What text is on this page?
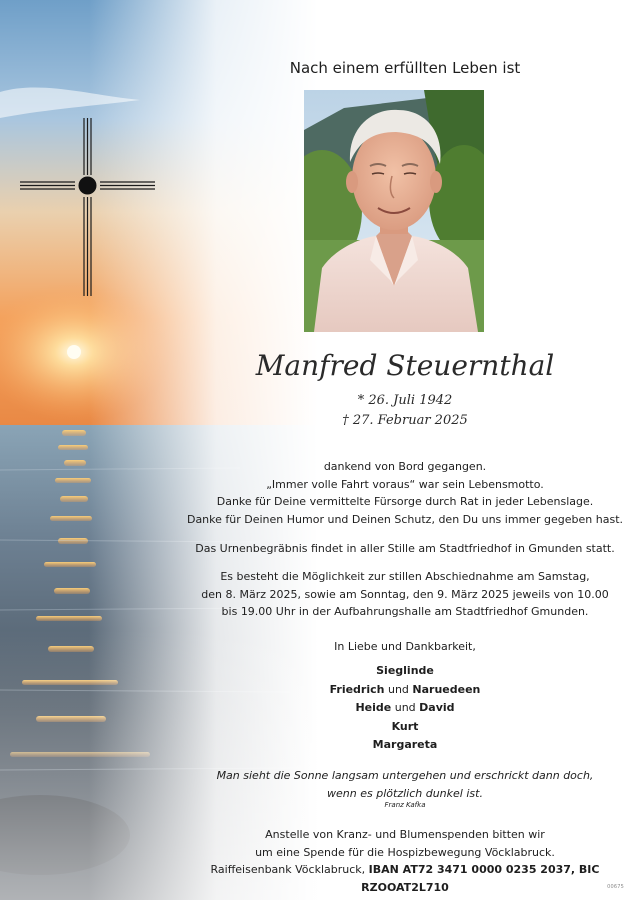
Nach einem erfüllten Leben ist

Manfred Steuernthal

* 26. Juli 1942
† 27. Februar 2025

dankend von Bord gegangen.

„Immer volle Fahrt voraus“ war sein Lebensmotto.

Danke für Deine vermittelte Fürsorge durch Rat in jeder Lebenslage.

Danke für Deinen Humor und Deinen Schutz, den Du uns immer gegeben hast.

Das Urnenbegräbnis findet in aller Stille am Stadtfriedhof in Gmunden statt.

Es besteht die Möglichkeit zur stillen Abschiednahme am Samstag,

den 8. März 2025, sowie am Sonntag, den 9. März 2025 jeweils von 10.00

bis 19.00 Uhr in der Aufbahrungshalle am Stadtfriedhof Gmunden.

In Liebe und Dankbarkeit,

Sieglinde

Friedrich und Naruedeen

Heide und David

Kurt

Margareta

Man sieht die Sonne langsam untergehen und erschrickt dann doch,

wenn es plötzlich dunkel ist.

Franz Kafka

Anstelle von Kranz- und Blumenspenden bitten wir

um eine Spende für die Hospizbewegung Vöcklabruck.

Raiffeisenbank Vöcklabruck, IBAN AT72 3471 0000 0235 2037, BIC RZOOAT2L710	00675
